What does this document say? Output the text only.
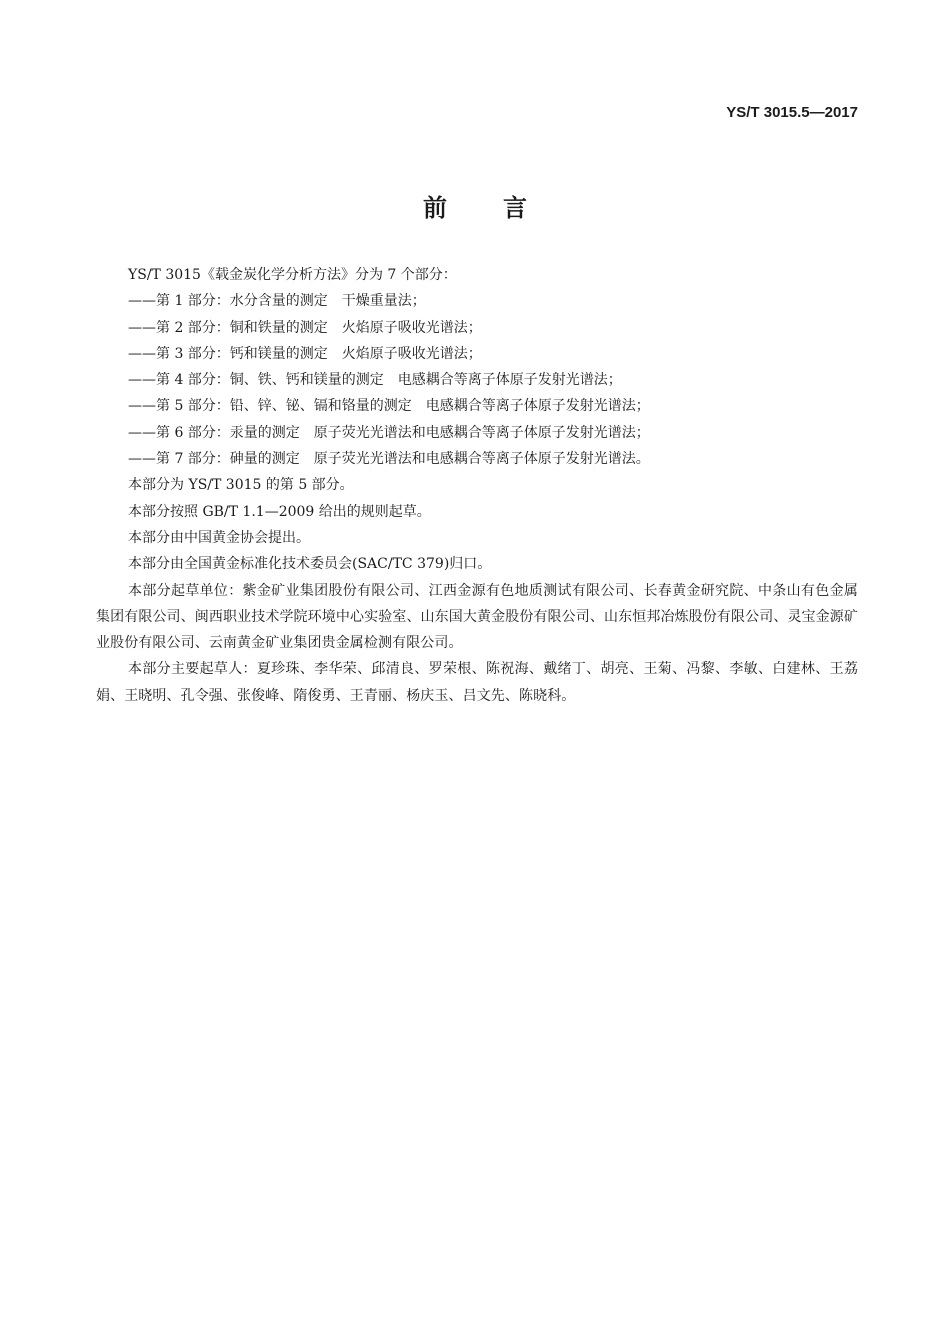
YS/T 3015.5—2017
前言

YS/T 3015《载金炭化学分析方法》分为 7 个部分：

——第 1 部分：水分含量的测定　干燥重量法；

——第 2 部分：铜和铁量的测定　火焰原子吸收光谱法；

——第 3 部分：钙和镁量的测定　火焰原子吸收光谱法；

——第 4 部分：铜、铁、钙和镁量的测定　电感耦合等离子体原子发射光谱法；

——第 5 部分：铅、锌、铋、镉和铬量的测定　电感耦合等离子体原子发射光谱法；

——第 6 部分：汞量的测定　原子荧光光谱法和电感耦合等离子体原子发射光谱法；

——第 7 部分：砷量的测定　原子荧光光谱法和电感耦合等离子体原子发射光谱法。

本部分为 YS/T 3015 的第 5 部分。

本部分按照 GB/T 1.1—2009 给出的规则起草。

本部分由中国黄金协会提出。

本部分由全国黄金标准化技术委员会(SAC/TC 379)归口。

本部分起草单位：紫金矿业集团股份有限公司、江西金源有色地质测试有限公司、长春黄金研究院、中条山有色金属集团有限公司、闽西职业技术学院环境中心实验室、山东国大黄金股份有限公司、山东恒邦冶炼股份有限公司、灵宝金源矿业股份有限公司、云南黄金矿业集团贵金属检测有限公司。

本部分主要起草人：夏珍珠、李华荣、邱清良、罗荣根、陈祝海、戴绪丁、胡亮、王菊、冯黎、李敏、白建林、王荔娟、王晓明、孔令强、张俊峰、隋俊勇、王青丽、杨庆玉、吕文先、陈晓科。
